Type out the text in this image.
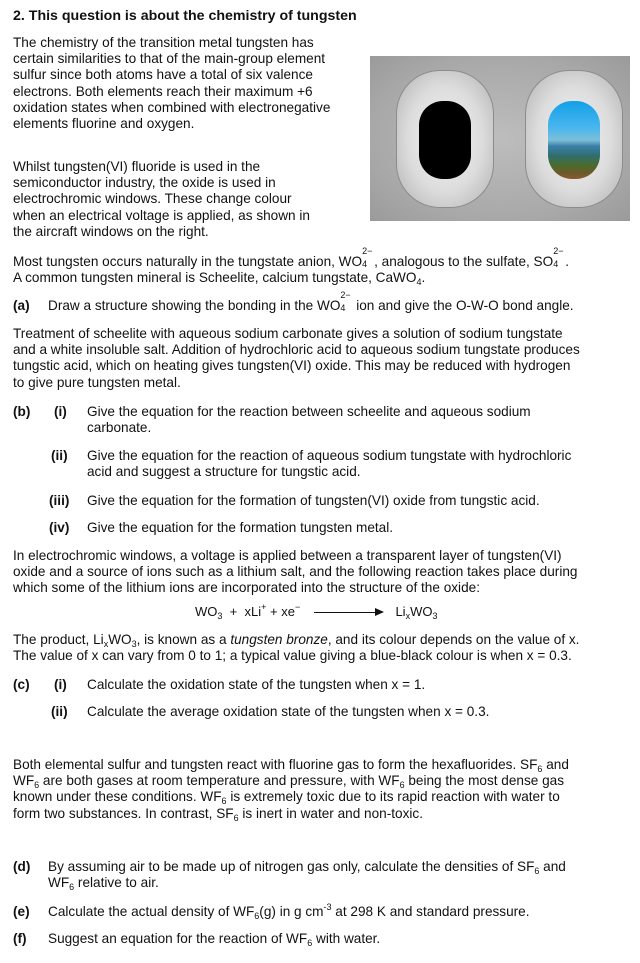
2. This question is about the chemistry of tungsten
The chemistry of the transition metal tungsten has
certain similarities to that of the main-group element
sulfur since both atoms have a total of six valence
electrons. Both elements reach their maximum +6
oxidation states when combined with electronegative
elements fluorine and oxygen.
Whilst tungsten(VI) fluoride is used in the
semiconductor industry, the oxide is used in
electrochromic windows. These change colour
when an electrical voltage is applied, as shown in
the aircraft windows on the right.
Most tungsten occurs naturally in the tungstate anion, WO
2−
4 , analogous to the sulfate, SO
2−
4 .
A common tungsten mineral is Scheelite, calcium tungstate, CaWO$_4$.
(a) Draw a structure showing the bonding in the WO
2−
4 ion and give the O-W-O bond angle.
Treatment of scheelite with aqueous sodium carbonate gives a solution of sodium tungstate
and a white insoluble salt. Addition of hydrochloric acid to aqueous sodium tungstate produces
tungstic acid, which on heating gives tungsten(VI) oxide. This may be reduced with hydrogen
to give pure tungsten metal.
(b) (i) Give the equation for the reaction between scheelite and aqueous sodium
carbonate.
(ii) Give the equation for the reaction of aqueous sodium tungstate with hydrochloric
acid and suggest a structure for tungstic acid.
(iii) Give the equation for the formation of tungsten(VI) oxide from tungstic acid.
(iv) Give the equation for the formation tungsten metal.
In electrochromic windows, a voltage is applied between a transparent layer of tungsten(VI)
oxide and a source of ions such as a lithium salt, and the following reaction takes place during
which some of the lithium ions are incorporated into the structure of the oxide:
$WO_3 + xLi^+ + xe^-$	$Li_xWO_3$
The product, $Li_xWO_3$, is known as a tungsten bronze, and its colour depends on the value of x.
The value of x can vary from 0 to 1; a typical value giving a blue-black colour is when x = 0.3.
(c) (i) Calculate the oxidation state of the tungsten when x = 1.
(ii) Calculate the average oxidation state of the tungsten when x = 0.3.
Both elemental sulfur and tungsten react with fluorine gas to form the hexafluorides. $SF_6$ and
$WF_6$ are both gases at room temperature and pressure, with $WF_6$ being the most dense gas
known under these conditions. $WF_6$ is extremely toxic due to its rapid reaction with water to
form two substances. In contrast, $SF_6$ is inert in water and non-toxic.
(d) By assuming air to be made up of nitrogen gas only, calculate the densities of $SF_6$ and
$WF_6$ relative to air.
(e) Calculate the actual density of $WF_6(g)$ in g $cm^{-3}$ at 298 K and standard pressure.
(f) Suggest an equation for the reaction of $WF_6$ with water.
